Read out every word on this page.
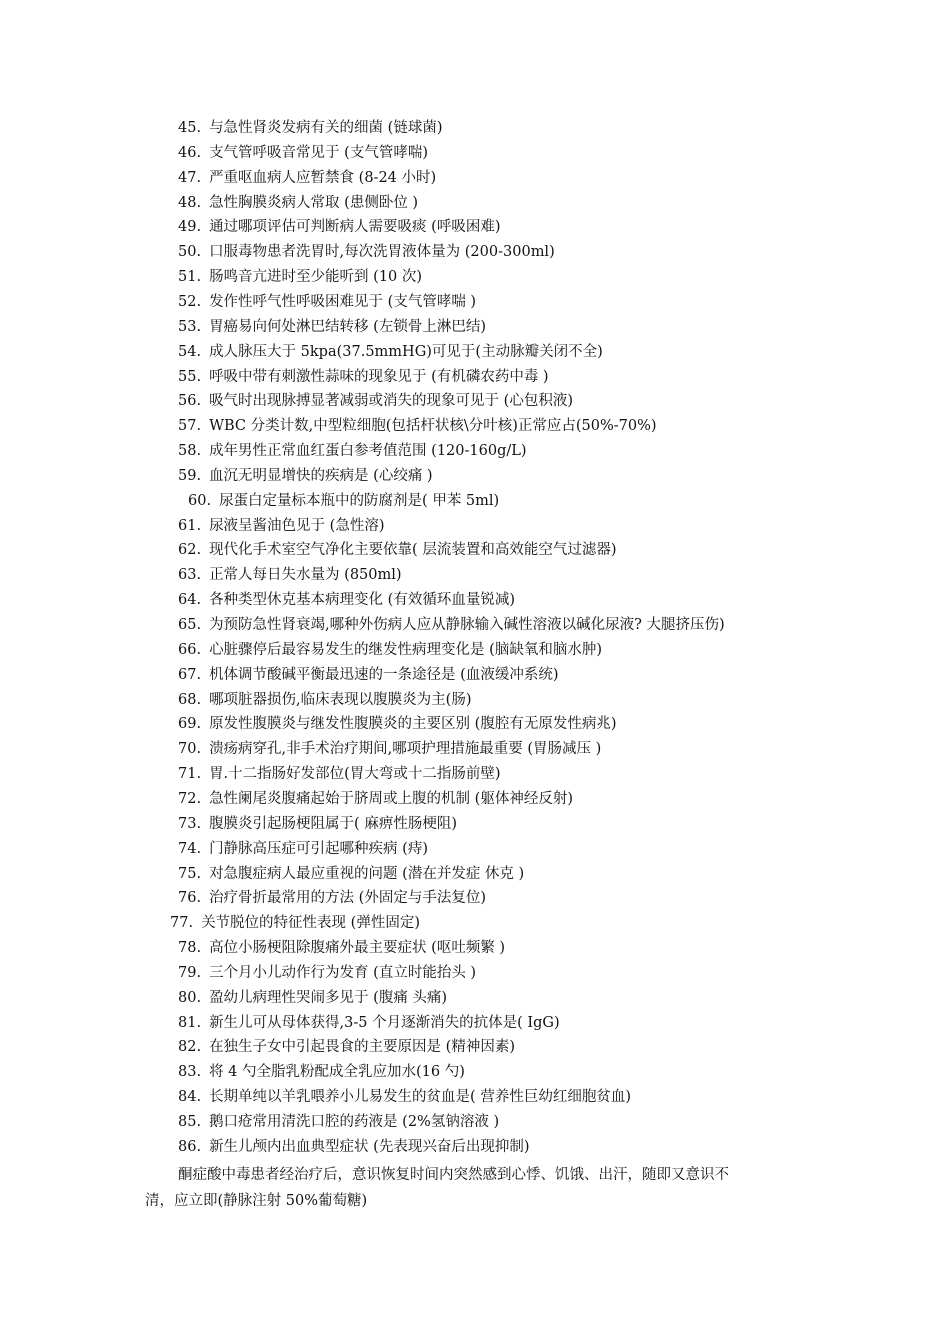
45. 与急性肾炎发病有关的细菌 (链球菌)
46. 支气管呼吸音常见于 (支气管哮喘)
47. 严重呕血病人应暂禁食 (8-24 小时)
48. 急性胸膜炎病人常取 (患侧卧位 )
49. 通过哪项评估可判断病人需要吸痰 (呼吸困难)
50. 口服毒物患者洗胃时,每次洗胃液体量为 (200-300ml)
51. 肠鸣音亢进时至少能听到 (10 次)
52. 发作性呼气性呼吸困难见于 (支气管哮喘 )
53. 胃癌易向何处淋巴结转移 (左锁骨上淋巴结)
54. 成人脉压大于 5kpa(37.5mmHG)可见于(主动脉瓣关闭不全)
55. 呼吸中带有刺激性蒜味的现象见于 (有机磷农药中毒 )
56. 吸气时出现脉搏显著减弱或消失的现象可见于 (心包积液)
57. WBC 分类计数,中型粒细胞(包括杆状核\分叶核)正常应占(50%-70%)
58. 成年男性正常血红蛋白参考值范围 (120-160g/L)
59. 血沉无明显增快的疾病是 (心绞痛 )
60. 尿蛋白定量标本瓶中的防腐剂是( 甲苯 5ml)
61. 尿液呈酱油色见于 (急性溶)
62. 现代化手术室空气净化主要依靠( 层流装置和高效能空气过滤器)
63. 正常人每日失水量为 (850ml)
64. 各种类型休克基本病理变化 (有效循环血量锐减)
65. 为预防急性肾衰竭,哪种外伤病人应从静脉输入碱性溶液以碱化尿液? 大腿挤压伤)
66. 心脏骤停后最容易发生的继发性病理变化是 (脑缺氧和脑水肿)
67. 机体调节酸碱平衡最迅速的一条途径是 (血液缓冲系统)
68. 哪项脏器损伤,临床表现以腹膜炎为主(肠)
69. 原发性腹膜炎与继发性腹膜炎的主要区别 (腹腔有无原发性病兆)
70. 溃疡病穿孔,非手术治疗期间,哪项护理措施最重要 (胃肠减压 )
71. 胃.十二指肠好发部位(胃大弯或十二指肠前壁)
72. 急性阑尾炎腹痛起始于脐周或上腹的机制 (躯体神经反射)
73. 腹膜炎引起肠梗阻属于( 麻痹性肠梗阻)
74. 门静脉高压症可引起哪种疾病 (痔)
75. 对急腹症病人最应重视的问题 (潜在并发症 休克 )
76. 治疗骨折最常用的方法 (外固定与手法复位)
77. 关节脱位的特征性表现 (弹性固定)
78. 高位小肠梗阻除腹痛外最主要症状 (呕吐频繁 )
79. 三个月小儿动作行为发育 (直立时能抬头 )
80. 盈幼儿病理性哭闹多见于 (腹痛 头痛)
81. 新生儿可从母体获得,3-5 个月逐渐消失的抗体是( IgG)
82. 在独生子女中引起畏食的主要原因是 (精神因素)
83. 将 4 勺全脂乳粉配成全乳应加水(16 勺)
84. 长期单纯以羊乳喂养小儿易发生的贫血是( 营养性巨幼红细胞贫血)
85. 鹅口疮常用清洗口腔的药液是 (2%氢钠溶液 )
86. 新生儿颅内出血典型症状 (先表现兴奋后出现抑制)
酮症酸中毒患者经治疗后，意识恢复时间内突然感到心悸、饥饿、出汗，随即又意识不
清，应立即(静脉注射 50%葡萄糖)
